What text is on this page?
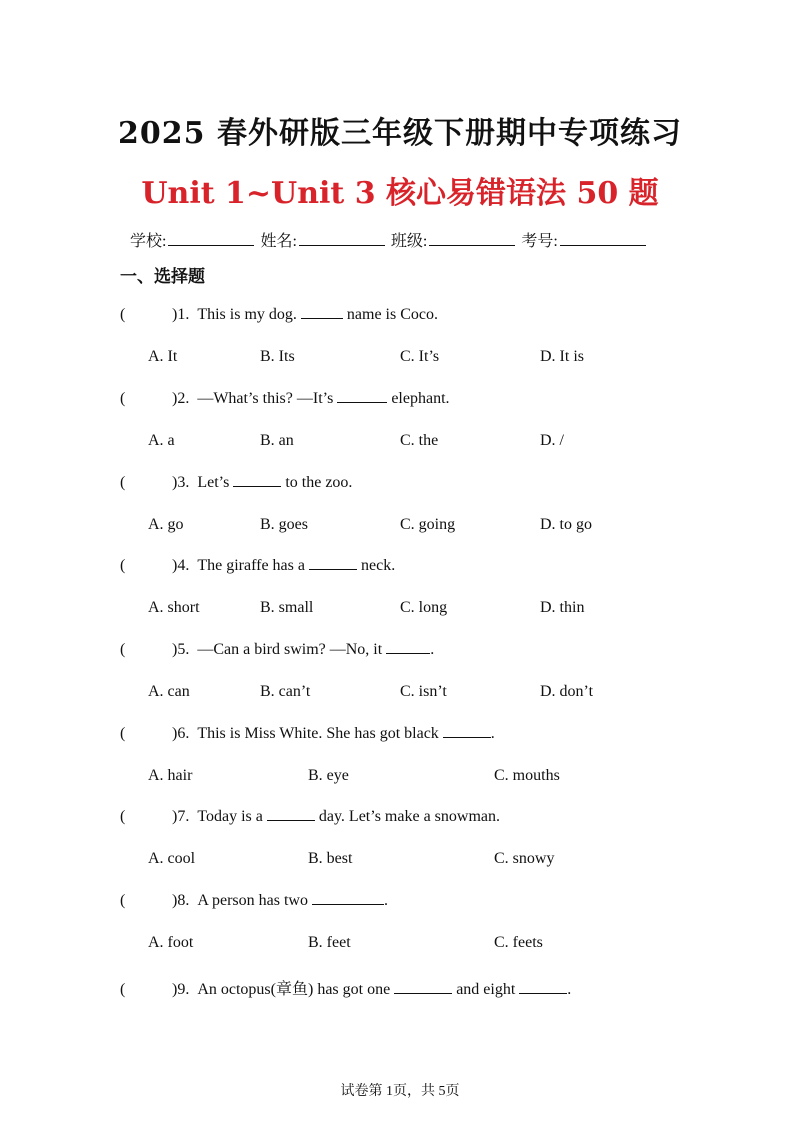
2025 春外研版三年级下册期中专项练习
Unit 1~Unit 3 核心易错语法 50 题
学校:	姓名:	班级:	考号:
一、选择题
(	)1. This is my dog.	name is Coco.
A. It	B. Its	C. It’s	D. It is
(	)2. —What’s this? —It’s	elephant.
A. a	B. an	C. the	D. /
(	)3. Let’s	to the zoo.
A. go	B. goes	C. going	D. to go
(	)4. The giraffe has a	neck.
A. short	B. small	C. long	D. thin
(	)5. —Can a bird swim? —No, it	.
A. can	B. can’t	C. isn’t	D. don’t
(	)6. This is Miss White. She has got black	.
A. hair	B. eye	C. mouths
(	)7. Today is a	day. Let’s make a snowman.
A. cool	B. best	C. snowy
(	)8. A person has two	.
A. foot	B. feet	C. feets
(	)9. An octopus(章鱼) has got one	and eight	.
试卷第 1页，共 5页
